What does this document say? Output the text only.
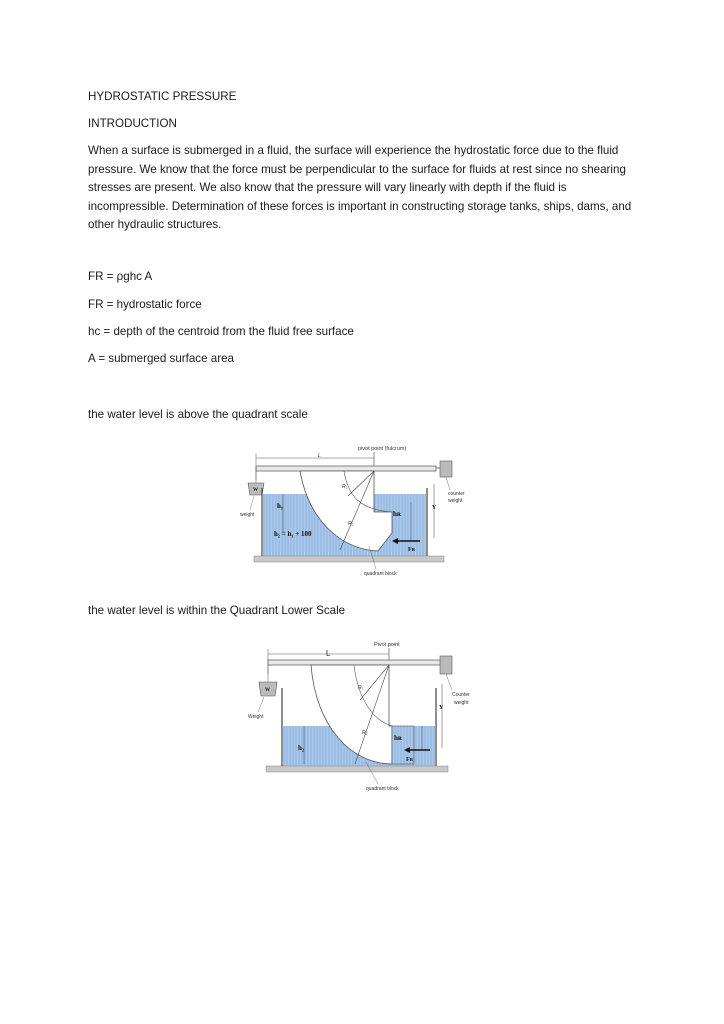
HYDROSTATIC PRESSURE

INTRODUCTION

When a surface is submerged in a fluid, the surface will experience the hydrostatic force due to the fluid pressure. We know that the force must be perpendicular to the surface for fluids at rest since no shearing stresses are present. We also know that the pressure will vary linearly with depth if the fluid is incompressible. Determination of these forces is important in constructing storage tanks, ships, dams, and other hydraulic structures.

FR = ρghc A

FR = hydrostatic force

hc = depth of the centroid from the fluid free surface

A = submerged surface area

the water level is above the quadrant scale

pivot point (fulcrum)
L
counter
weight
W
weight
R₁
R₂
h₁
h₂ = h₁ + 100
hʀ
Fʀ
Y
quadrant block

the water level is within the Quadrant Lower Scale

Pivot point
L
Counter
weight
W
Weight
R₁
R₂
h₂
hʀ
Fʀ
Y
quadrant block
